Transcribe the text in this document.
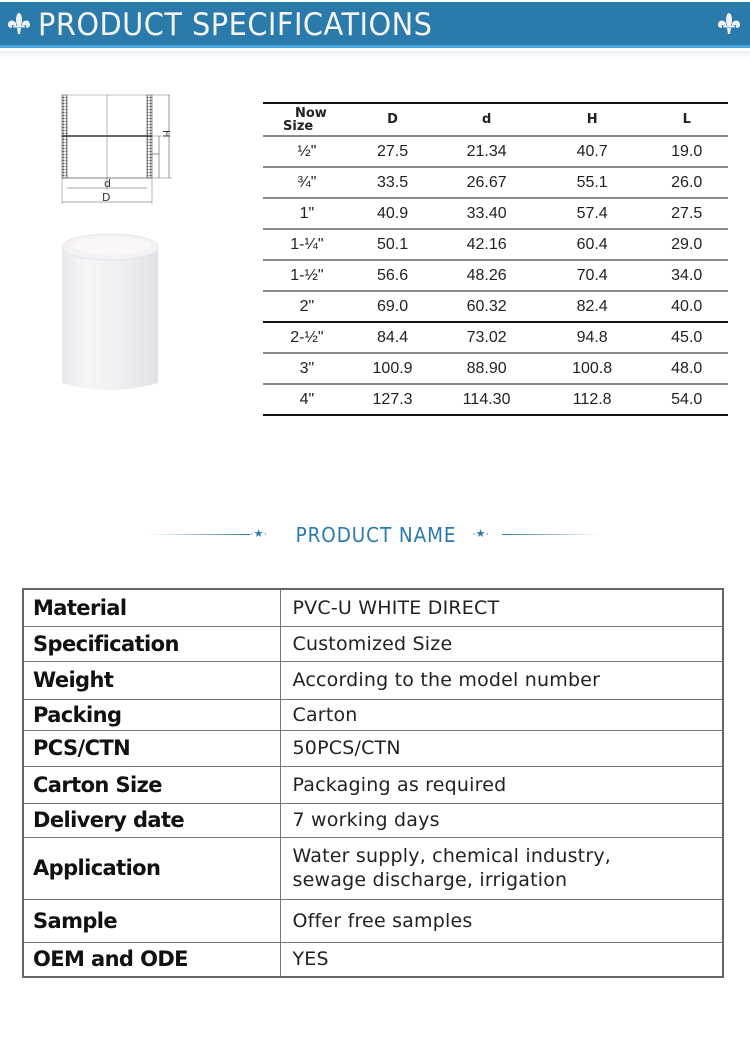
PRODUCT SPECIFICATIONS
H
d
D
Now
Size	D	d	H	L
½"	27.5	21.34	40.7	19.0
¾"	33.5	26.67	55.1	26.0
1"	40.9	33.40	57.4	27.5
1-¼"	50.1	42.16	60.4	29.0
1-½"	56.6	48.26	70.4	34.0
2"	69.0	60.32	82.4	40.0
2-½"	84.4	73.02	94.8	45.0
3"	100.9	88.90	100.8	48.0
4"	127.3	114.30	112.8	54.0
·★·	PRODUCT NAME ·★·
Material	PVC-U WHITE DIRECT
Specification	Customized Size
Weight	According to the model number
Packing	Carton
PCS/CTN	50PCS/CTN
Carton Size	Packaging as required
Delivery date	7 working days
Application	Water supply, chemical industry,
sewage discharge, irrigation

Sample	Offer free samples
OEM and ODE	YES
